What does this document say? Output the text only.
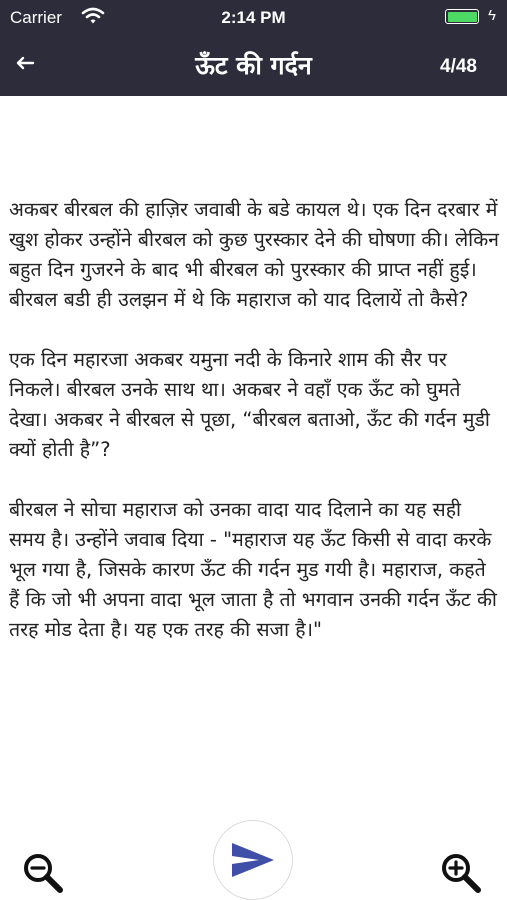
Carrier	2:14 PM	ϟ
ऊँट की गर्दन	4/48

अकबर बीरबल की हाज़िर जवाबी के बडे कायल थे। एक दिन दरबार में खुश होकर उन्होंने बीरबल को कुछ पुरस्कार देने की घोषणा की। लेकिन बहुत दिन गुजरने के बाद भी बीरबल को पुरस्कार की प्राप्त नहीं हुई। बीरबल बडी ही उलझन में थे कि महाराज को याद दिलायें तो कैसे?

एक दिन महारजा अकबर यमुना नदी के किनारे शाम की सैर पर निकले। बीरबल उनके साथ था। अकबर ने वहाँ एक ऊँट को घुमते देखा। अकबर ने बीरबल से पूछा, “बीरबल बताओ, ऊँट की गर्दन मुडी क्यों होती है”?

बीरबल ने सोचा महाराज को उनका वादा याद दिलाने का यह सही समय है। उन्होंने जवाब दिया - "महाराज यह ऊँट किसी से वादा करके भूल गया है, जिसके कारण ऊँट की गर्दन मुड गयी है। महाराज, कहते हैं कि जो भी अपना वादा भूल जाता है तो भगवान उनकी गर्दन ऊँट की तरह मोड देता है। यह एक तरह की सजा है।"
